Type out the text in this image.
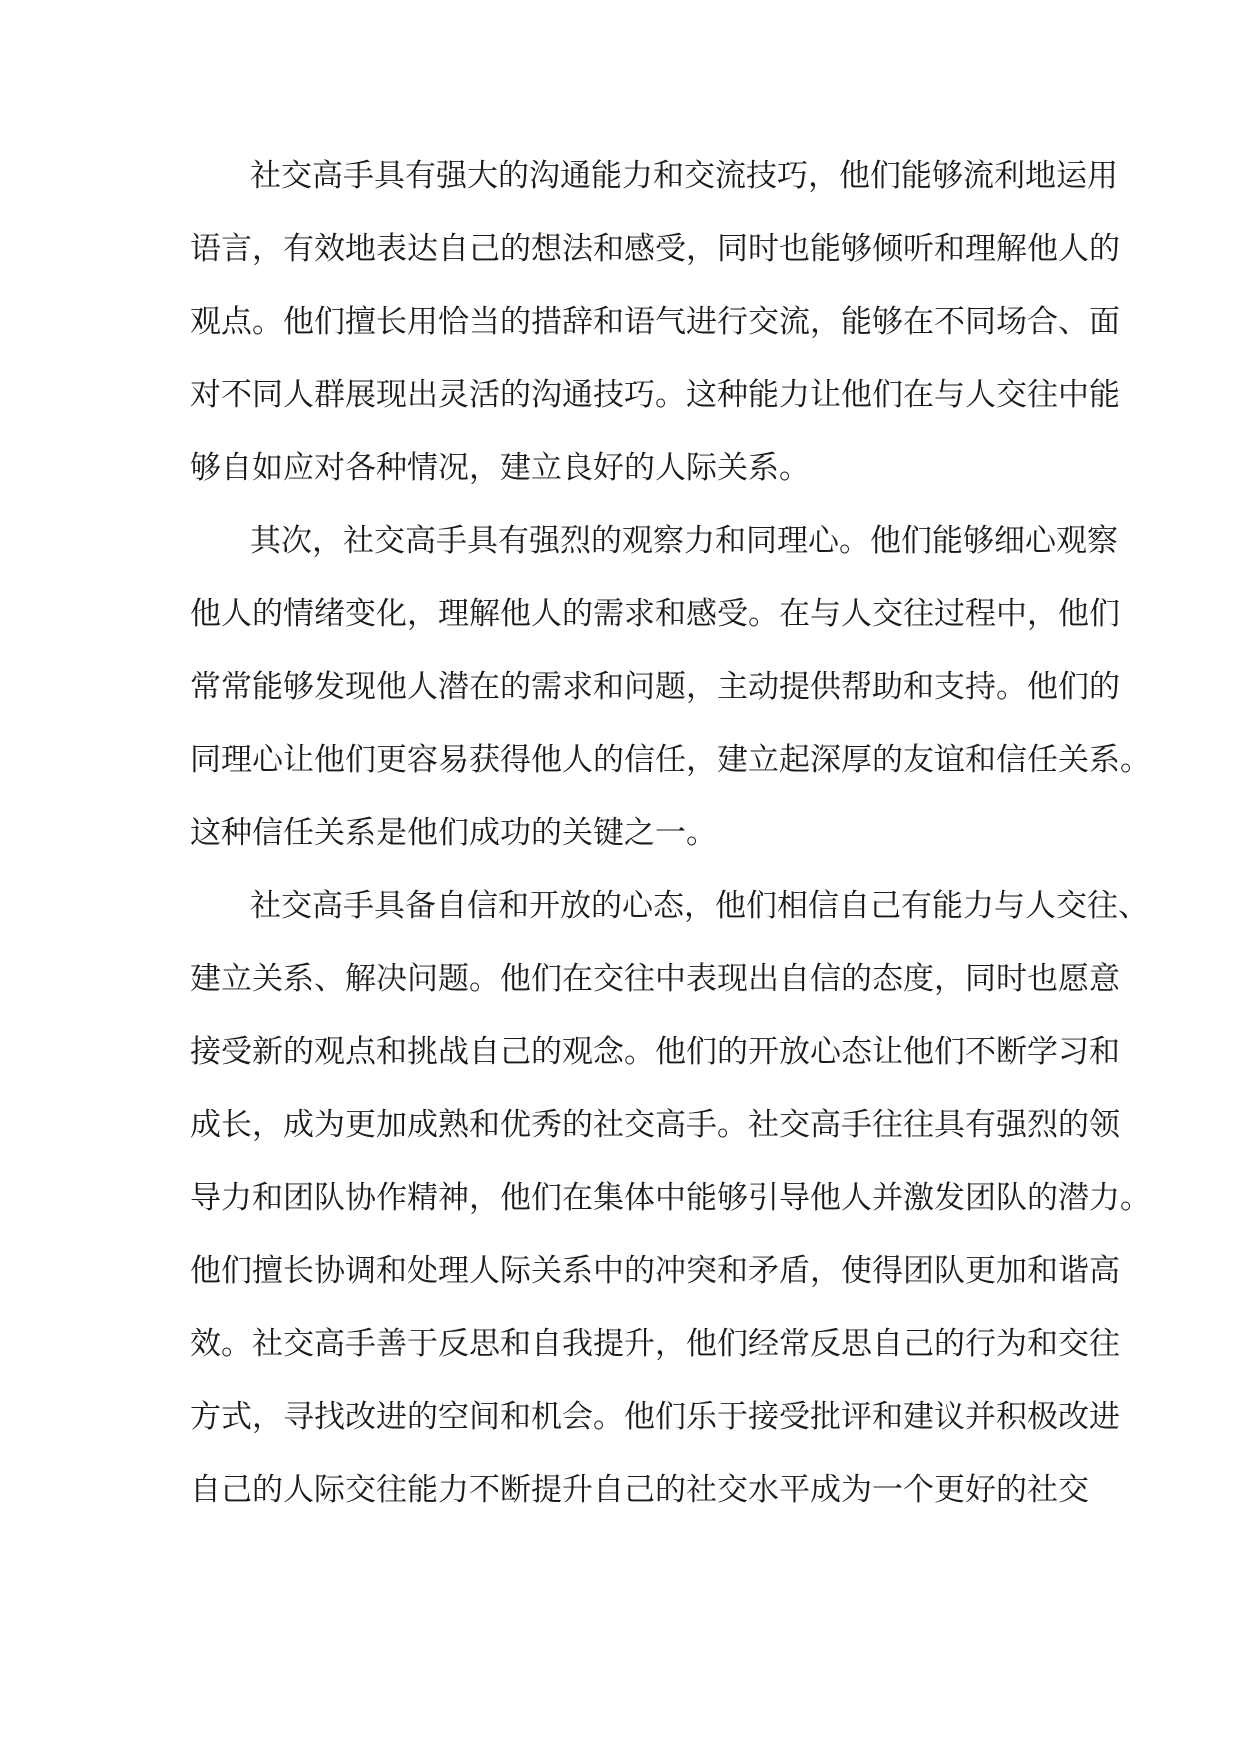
社交高手具有强大的沟通能力和交流技巧，他们能够流利地运用
语言，有效地表达自己的想法和感受，同时也能够倾听和理解他人的
观点。他们擅长用恰当的措辞和语气进行交流，能够在不同场合、面
对不同人群展现出灵活的沟通技巧。这种能力让他们在与人交往中能
够自如应对各种情况，建立良好的人际关系。
其次，社交高手具有强烈的观察力和同理心。他们能够细心观察
他人的情绪变化，理解他人的需求和感受。在与人交往过程中，他们
常常能够发现他人潜在的需求和问题，主动提供帮助和支持。他们的
同理心让他们更容易获得他人的信任，建立起深厚的友谊和信任关系。
这种信任关系是他们成功的关键之一。
社交高手具备自信和开放的心态，他们相信自己有能力与人交往、
建立关系、解决问题。他们在交往中表现出自信的态度，同时也愿意
接受新的观点和挑战自己的观念。他们的开放心态让他们不断学习和
成长，成为更加成熟和优秀的社交高手。社交高手往往具有强烈的领
导力和团队协作精神，他们在集体中能够引导他人并激发团队的潜力。
他们擅长协调和处理人际关系中的冲突和矛盾，使得团队更加和谐高
效。社交高手善于反思和自我提升，他们经常反思自己的行为和交往
方式，寻找改进的空间和机会。他们乐于接受批评和建议并积极改进
自己的人际交往能力不断提升自己的社交水平成为一个更好的社交
